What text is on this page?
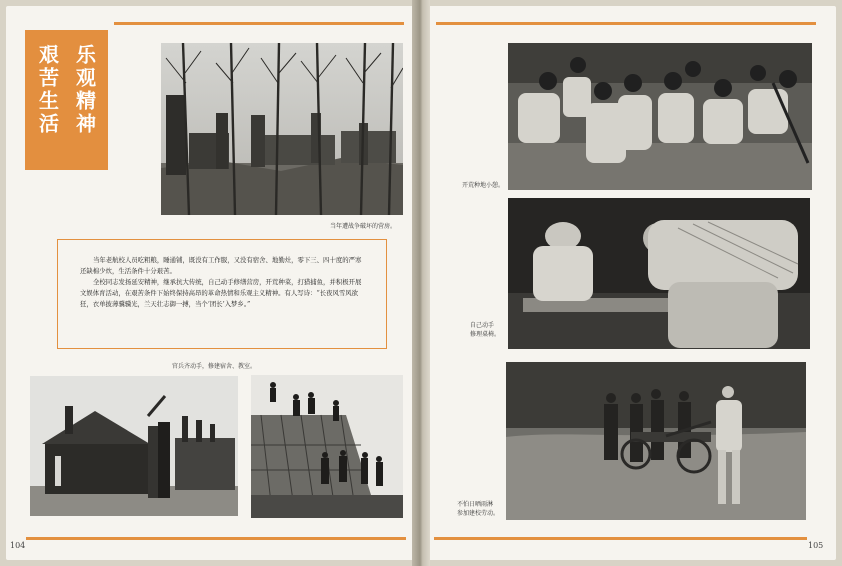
乐观精神
艰苦生活
当年遭战争破坏的营房。

当年老航校人员吃粗粮，睡通铺，既没有工作服，又没有宿舍、地勤灶，零下三、四十度的严寒还缺棉少炊，生活条件十分艰苦。

全校同志发扬延安精神，继承抗大传统，自己动手修缮营房，开荒种菜，打猎捕鱼，并积极开展文娱体育活动，在艰苦条件下始终保持高昂的革命热情和乐观主义精神。有人写诗：“长夜风雪风欲狂，衣单披薄骥骥光，兰天壮志御一搏，当个‘团长’入梦乡。”

官兵齐动手，修建宿舍、教室。
104
开荒种地小憩。
自己动手
修理桌椅。
不怕日晒雨淋
参加建校劳动。
105
